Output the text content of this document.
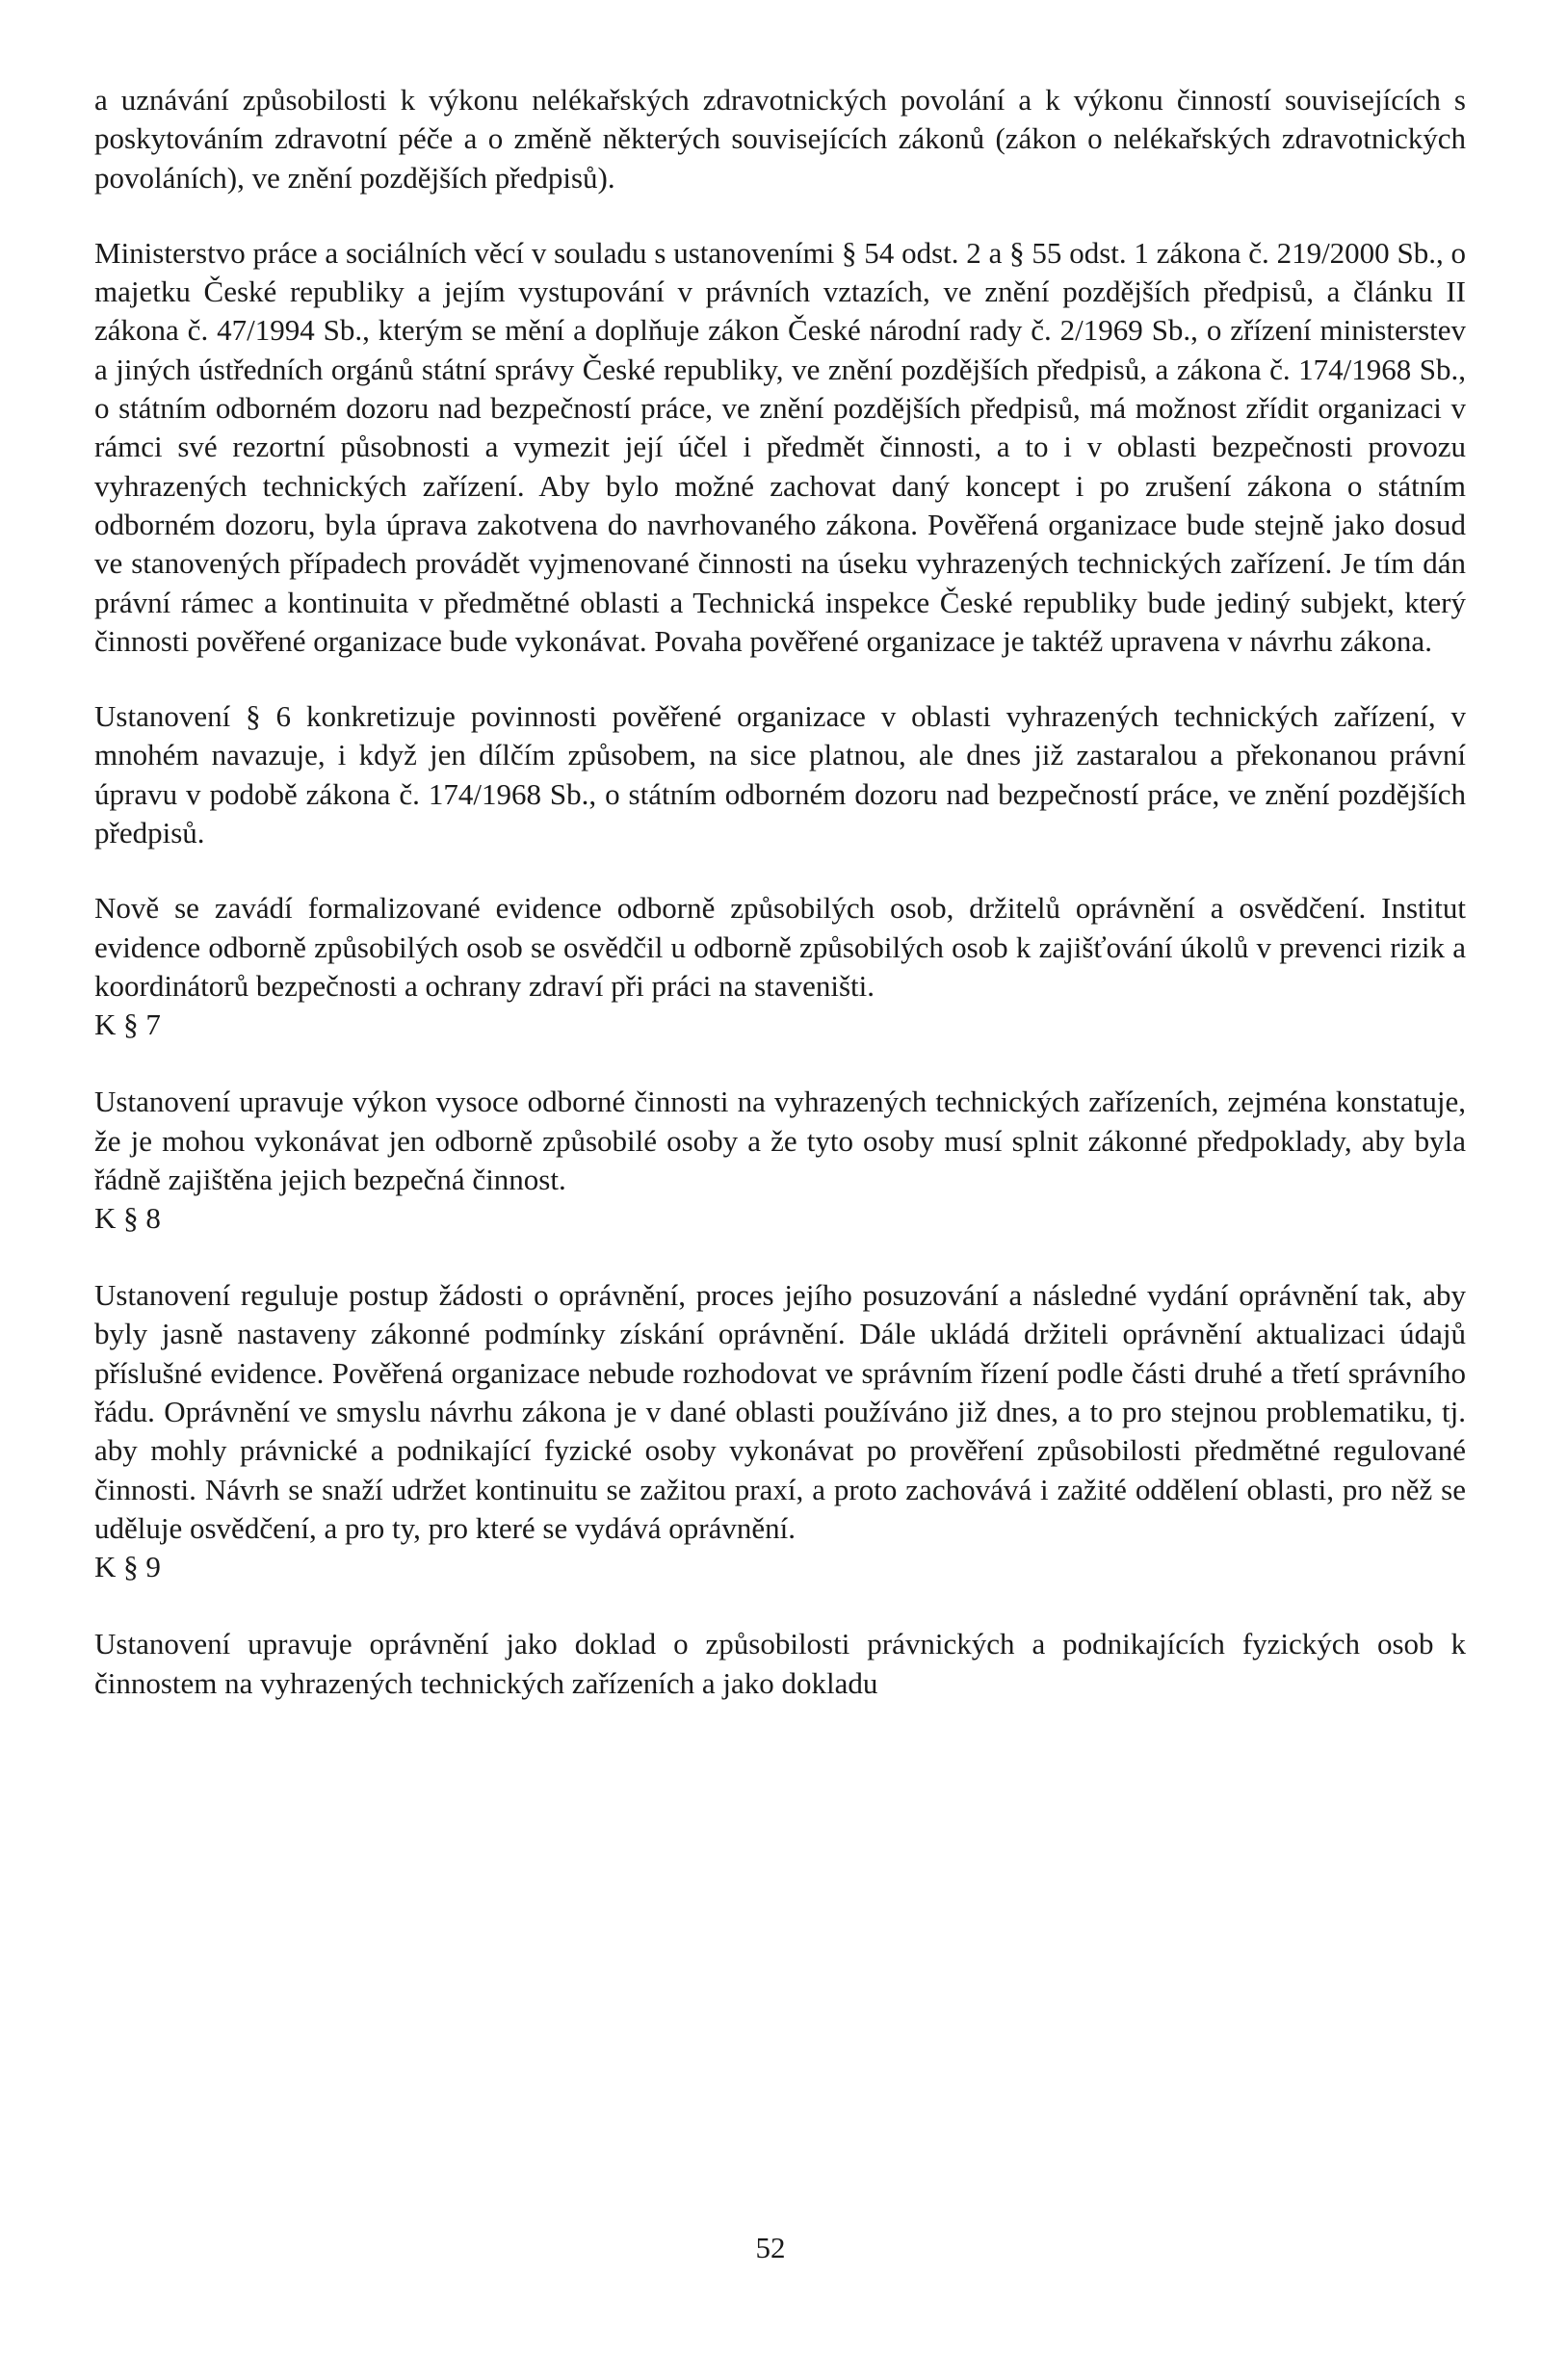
a uznávání způsobilosti k výkonu nelékařských zdravotnických povolání a k výkonu činností souvisejících s poskytováním zdravotní péče a o změně některých souvisejících zákonů (zákon o nelékařských zdravotnických povoláních), ve znění pozdějších předpisů).

Ministerstvo práce a sociálních věcí v souladu s ustanoveními § 54 odst. 2 a § 55 odst. 1 zákona č. 219/2000 Sb., o majetku České republiky a jejím vystupování v právních vztazích, ve znění pozdějších předpisů, a článku II zákona č. 47/1994 Sb., kterým se mění a doplňuje zákon České národní rady č. 2/1969 Sb., o zřízení ministerstev a jiných ústředních orgánů státní správy České republiky, ve znění pozdějších předpisů, a zákona č. 174/1968 Sb., o státním odborném dozoru nad bezpečností práce, ve znění pozdějších předpisů, má možnost zřídit organizaci v rámci své rezortní působnosti a vymezit její účel i předmět činnosti, a to i v oblasti bezpečnosti provozu vyhrazených technických zařízení. Aby bylo možné zachovat daný koncept i po zrušení zákona o státním odborném dozoru, byla úprava zakotvena do navrhovaného zákona. Pověřená organizace bude stejně jako dosud ve stanovených případech provádět vyjmenované činnosti na úseku vyhrazených technických zařízení. Je tím dán právní rámec a kontinuita v předmětné oblasti a Technická inspekce České republiky bude jediný subjekt, který činnosti pověřené organizace bude vykonávat. Povaha pověřené organizace je taktéž upravena v návrhu zákona.

Ustanovení § 6 konkretizuje povinnosti pověřené organizace v oblasti vyhrazených technických zařízení, v mnohém navazuje, i když jen dílčím způsobem, na sice platnou, ale dnes již zastaralou a překonanou právní úpravu v podobě zákona č. 174/1968 Sb., o státním odborném dozoru nad bezpečností práce, ve znění pozdějších předpisů.

Nově se zavádí formalizované evidence odborně způsobilých osob, držitelů oprávnění a osvědčení. Institut evidence odborně způsobilých osob se osvědčil u odborně způsobilých osob k zajišťování úkolů v prevenci rizik a koordinátorů bezpečnosti a ochrany zdraví při práci na staveništi.

K § 7

Ustanovení upravuje výkon vysoce odborné činnosti na vyhrazených technických zařízeních, zejména konstatuje, že je mohou vykonávat jen odborně způsobilé osoby a že tyto osoby musí splnit zákonné předpoklady, aby byla řádně zajištěna jejich bezpečná činnost.

K § 8

Ustanovení reguluje postup žádosti o oprávnění, proces jejího posuzování a následné vydání oprávnění tak, aby byly jasně nastaveny zákonné podmínky získání oprávnění. Dále ukládá držiteli oprávnění aktualizaci údajů příslušné evidence. Pověřená organizace nebude rozhodovat ve správním řízení podle části druhé a třetí správního řádu. Oprávnění ve smyslu návrhu zákona je v dané oblasti používáno již dnes, a to pro stejnou problematiku, tj. aby mohly právnické a podnikající fyzické osoby vykonávat po prověření způsobilosti předmětné regulované činnosti. Návrh se snaží udržet kontinuitu se zažitou praxí, a proto zachovává i zažité oddělení oblasti, pro něž se uděluje osvědčení, a pro ty, pro které se vydává oprávnění.

K § 9

Ustanovení upravuje oprávnění jako doklad o způsobilosti právnických a podnikajících fyzických osob k činnostem na vyhrazených technických zařízeních a jako dokladu

52
